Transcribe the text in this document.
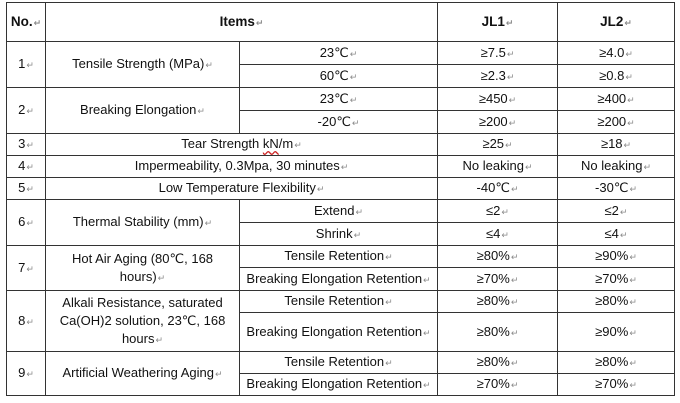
No.↵	Items↵		JL1↵	JL2↵
1↵	Tensile Strength (MPa)↵	23℃↵	≥7.5↵	≥4.0↵
		60℃↵	≥2.3↵	≥0.8↵
2↵	Breaking Elongation↵	23℃↵	≥450↵	≥400↵
		-20℃↵	≥200↵	≥200↵
3↵	Tear Strength kN/m↵		≥25↵	≥18↵
4↵	Impermeability, 0.3Mpa, 30 minutes↵		No leaking↵	No leaking↵
5↵	Low Temperature Flexibility↵		-40℃↵	-30℃↵
6↵	Thermal Stability (mm)↵	Extend↵	≤2↵	≤2↵
		Shrink↵	≤4↵	≤4↵
7↵	Hot Air Aging (80℃, 168 hours)↵	Tensile Retention↵	≥80%↵	≥90%↵
		Breaking Elongation Retention↵	≥70%↵	≥70%↵
8↵	Alkali Resistance, saturated Ca(OH)2 solution, 23℃, 168 hours↵	Tensile Retention↵	≥80%↵	≥80%↵
		Breaking Elongation Retention↵	≥80%↵	≥90%↵
9↵	Artificial Weathering Aging↵	Tensile Retention↵	≥80%↵	≥80%↵
		Breaking Elongation Retention↵	≥70%↵	≥70%↵
